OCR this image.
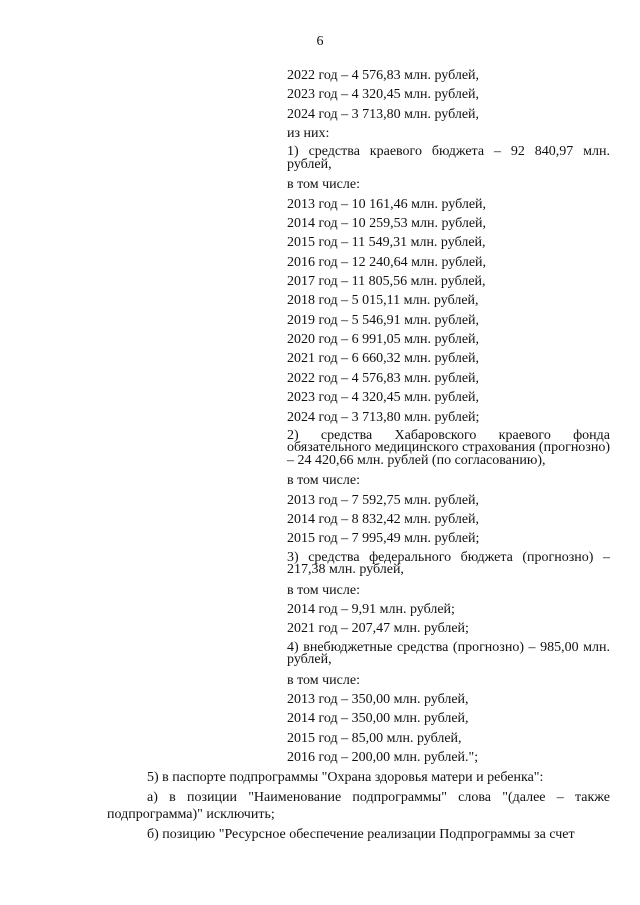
6
2022 год – 4 576,83 млн. рублей,
2023 год – 4 320,45 млн. рублей,
2024 год – 3 713,80 млн. рублей,
из них:
1) средства краевого бюджета – 92 840,97 млн. рублей,
в том числе:
2013 год – 10 161,46 млн. рублей,
2014 год – 10 259,53 млн. рублей,
2015 год – 11 549,31 млн. рублей,
2016 год – 12 240,64 млн. рублей,
2017 год – 11 805,56 млн. рублей,
2018 год – 5 015,11 млн. рублей,
2019 год – 5 546,91 млн. рублей,
2020 год – 6 991,05 млн. рублей,
2021 год – 6 660,32 млн. рублей,
2022 год – 4 576,83 млн. рублей,
2023 год – 4 320,45 млн. рублей,
2024 год – 3 713,80 млн. рублей;
2) средства Хабаровского краевого фонда обязательного медицинского страхования (прогнозно) – 24 420,66 млн. рублей (по согласованию),
в том числе:
2013 год – 7 592,75 млн. рублей,
2014 год – 8 832,42 млн. рублей,
2015 год – 7 995,49 млн. рублей;
3) средства федерального бюджета (прогнозно) – 217,38 млн. рублей,
в том числе:
2014 год – 9,91 млн. рублей;
2021 год – 207,47 млн. рублей;
4) внебюджетные средства (прогнозно) – 985,00 млн. рублей,
в том числе:
2013 год – 350,00 млн. рублей,
2014 год – 350,00 млн. рублей,
2015 год – 85,00 млн. рублей,
2016 год – 200,00 млн. рублей.";
5) в паспорте подпрограммы "Охрана здоровья матери и ребенка":
а) в позиции "Наименование подпрограммы" слова "(далее – также подпрограмма)" исключить;
б) позицию "Ресурсное обеспечение реализации Подпрограммы за счет
